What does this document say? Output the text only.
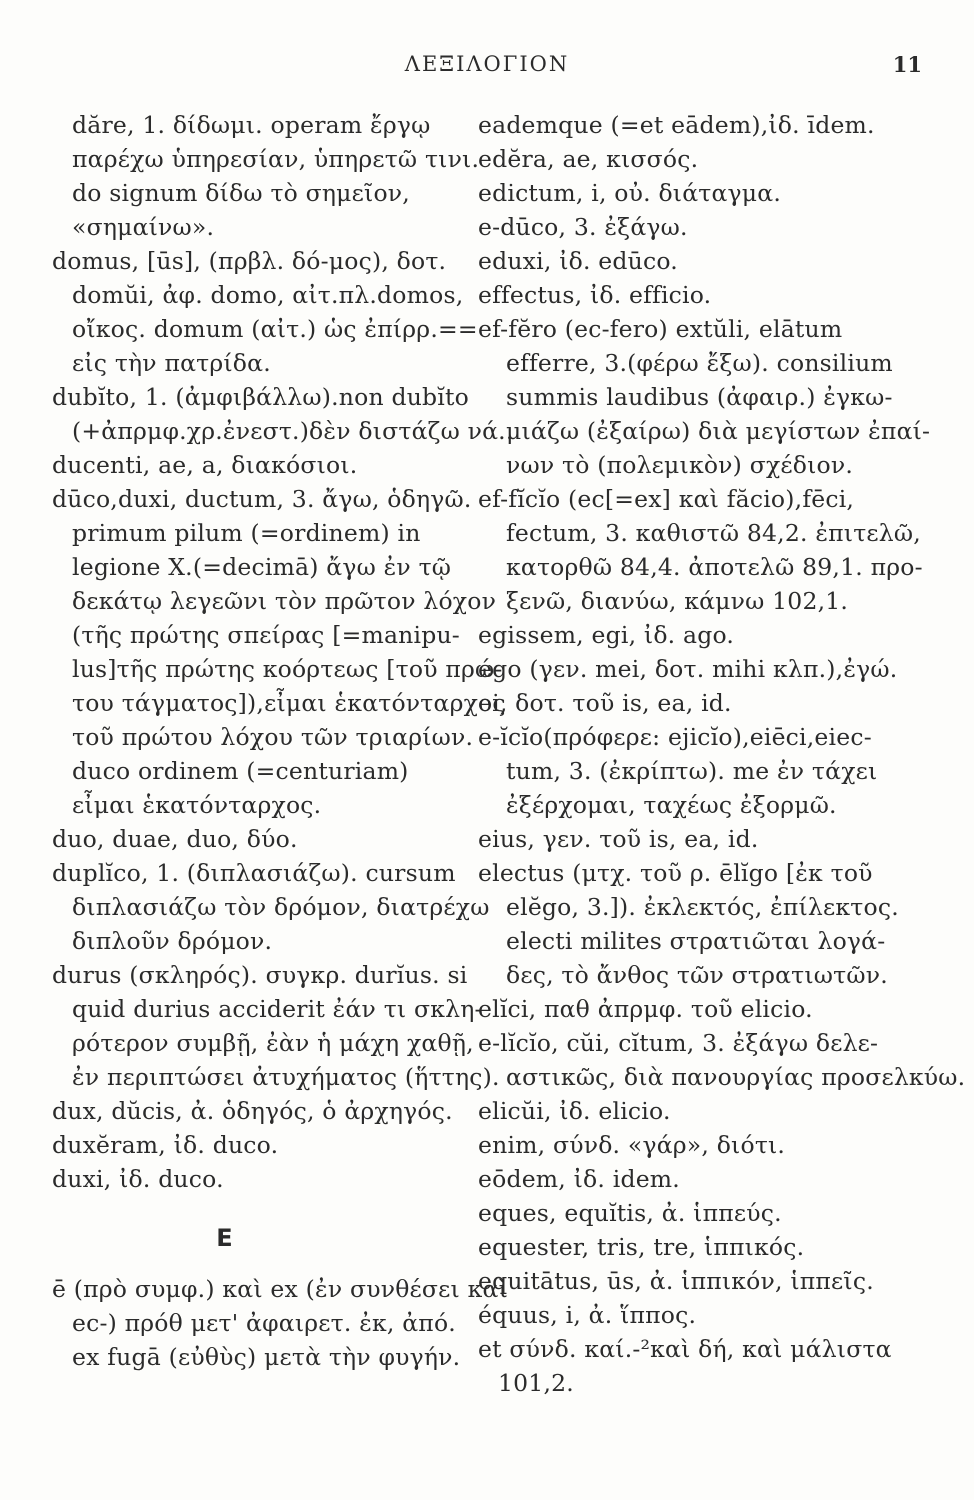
ΛΕΞΙΛΟΓΙΟΝ	11
dăre, 1. δίδωμι. operam ἔργῳ
παρέχω ὑπηρεσίαν, ὑπηρετῶ τινι.
do signum δίδω τὸ σημεῖον,
«σημαίνω».
domus, [ūs], (πρβλ. δό-μος), δοτ.
domŭi, ἀφ. domo, αἰτ.πλ.domos,
οἴκος. domum (αἰτ.) ὡς ἐπίρρ.==
εἰς τὴν πατρίδα.
dubĭto, 1. (ἀμφιβάλλω).non dubĭto
(+ἀπρμφ.χρ.ἐνεστ.)δὲν διστάζω νά..
ducenti, ae, a, διακόσιοι.
dūco,duxi, ductum, 3. ἄγω, ὁδηγῶ.
primum pilum (=ordinem) in
legione X.(=decimā) ἄγω ἐν τῷ
δεκάτῳ λεγεῶνι τὸν πρῶτον λόχον
(τῆς πρώτης σπείρας [=manipu-
lus]τῆς πρώτης κοόρτεως [τοῦ πρώ-
του τάγματος]),εἶμαι ἑκατόνταρχος
τοῦ πρώτου λόχου τῶν τριαρίων.
duco ordinem (=centuriam)
εἶμαι ἑκατόνταρχος.
duo, duae, duo, δύο.
duplĭco, 1. (διπλασιάζω). cursum
διπλασιάζω τὸν δρόμον, διατρέχω
διπλοῦν δρόμον.
durus (σκληρός). συγκρ. durĭus. si
quid durius acciderit ἐάν τι σκλη-
ρότερον συμβῇ, ἐὰν ἡ μάχη χαθῇ,
ἐν περιπτώσει ἀτυχήματος (ἥττης).
dux, dŭcis, ἀ. ὁδηγός, ὁ ἀρχηγός.
duxĕram, ἰδ. duco.
duxi, ἰδ. duco.
E
ē (πρὸ συμφ.) καὶ ex (ἐν συνθέσει καὶ
ec-) πρόθ μετ' ἀφαιρετ. ἐκ, ἀπό.
ex fugā (εὐθὺς) μετὰ τὴν φυγήν.
eademque (=et eādem),ἰδ. īdem.
edĕra, ae, κισσός.
edictum, i, οὐ. διάταγμα.
e-dūco, 3. ἐξάγω.
eduxi, ἰδ. edūco.
effectus, ἰδ. efficio.
ef-fĕro (ec-fero) extŭli, elātum
efferre, 3.(φέρω ἔξω). consilium
summis laudibus (ἀφαιρ.) ἐγκω-
μιάζω (ἐξαίρω) διὰ μεγίστων ἐπαί-
νων τὸ (πολεμικὸν) σχέδιον.
ef-fĭcĭo (ec[=ex] καὶ făcio),fēci,
fectum, 3. καθιστῶ 84,2. ἐπιτελῶ,
κατορθῶ 84,4. ἀποτελῶ 89,1. προ-
ξενῶ, διανύω, κάμνω 102,1.
egissem, egi, ἰδ. ago.
ego (γεν. mei, δοτ. mihi κλπ.),ἐγώ.
ei, δοτ. τοῦ is, ea, id.
e-ĭcĭo(πρόφερε: ejicĭo),eiēci,eiec-
tum, 3. (ἐκρίπτω). me ἐν τάχει
ἐξέρχομαι, ταχέως ἐξορμῶ.
eius, γεν. τοῦ is, ea, id.
electus (μτχ. τοῦ ρ. ēlĭgo [ἐκ τοῦ
elĕgo, 3.]). ἐκλεκτός, ἐπίλεκτος.
electi milites στρατιῶται λογά-
δες, τὸ ἄνθος τῶν στρατιωτῶν.
elĭci, παθ ἀπρμφ. τοῦ elicio.
e-lĭcĭo, cŭi, cĭtum, 3. ἐξάγω δελε-
αστικῶς, διὰ πανουργίας προσελκύω.
elicŭi, ἰδ. elicio.
enim, σύνδ. «γάρ», διότι.
eōdem, ἰδ. idem.
eques, equĭtis, ἀ. ἱππεύς.
equester, tris, tre, ἱππικός.
equitātus, ūs, ἀ. ἱππικόν, ἱππεῖς.
équus, i, ἀ. ἵππος.
et σύνδ. καί.-²καὶ δή, καὶ μάλιστα
101,2.
